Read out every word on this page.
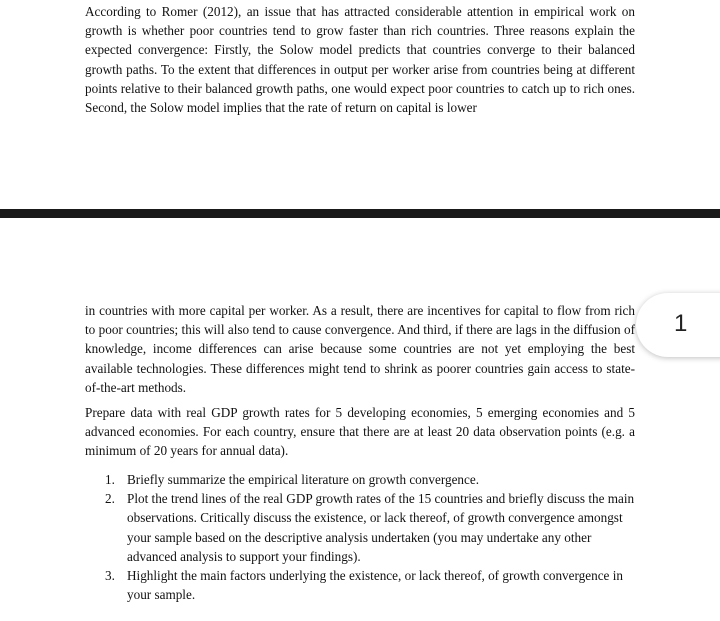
According to Romer (2012), an issue that has attracted considerable attention in empirical work on growth is whether poor countries tend to grow faster than rich countries. Three reasons explain the expected convergence: Firstly, the Solow model predicts that countries converge to their balanced growth paths. To the extent that differences in output per worker arise from countries being at different points relative to their balanced growth paths, one would expect poor countries to catch up to rich ones. Second, the Solow model implies that the rate of return on capital is lower

in countries with more capital per worker. As a result, there are incentives for capital to flow from rich to poor countries; this will also tend to cause convergence. And third, if there are lags in the diffusion of knowledge, income differences can arise because some countries are not yet employing the best available technologies. These differences might tend to shrink as poorer countries gain access to state-of-the-art methods.

Prepare data with real GDP growth rates for 5 developing economies, 5 emerging economies and 5 advanced economies. For each country, ensure that there are at least 20 data observation points (e.g. a minimum of 20 years for annual data).

1. Briefly summarize the empirical literature on growth convergence.
2. Plot the trend lines of the real GDP growth rates of the 15 countries and briefly discuss the main observations. Critically discuss the existence, or lack thereof, of growth convergence amongst your sample based on the descriptive analysis undertaken (you may undertake any other advanced analysis to support your findings).
3. Highlight the main factors underlying the existence, or lack thereof, of growth convergence in your sample.
1
